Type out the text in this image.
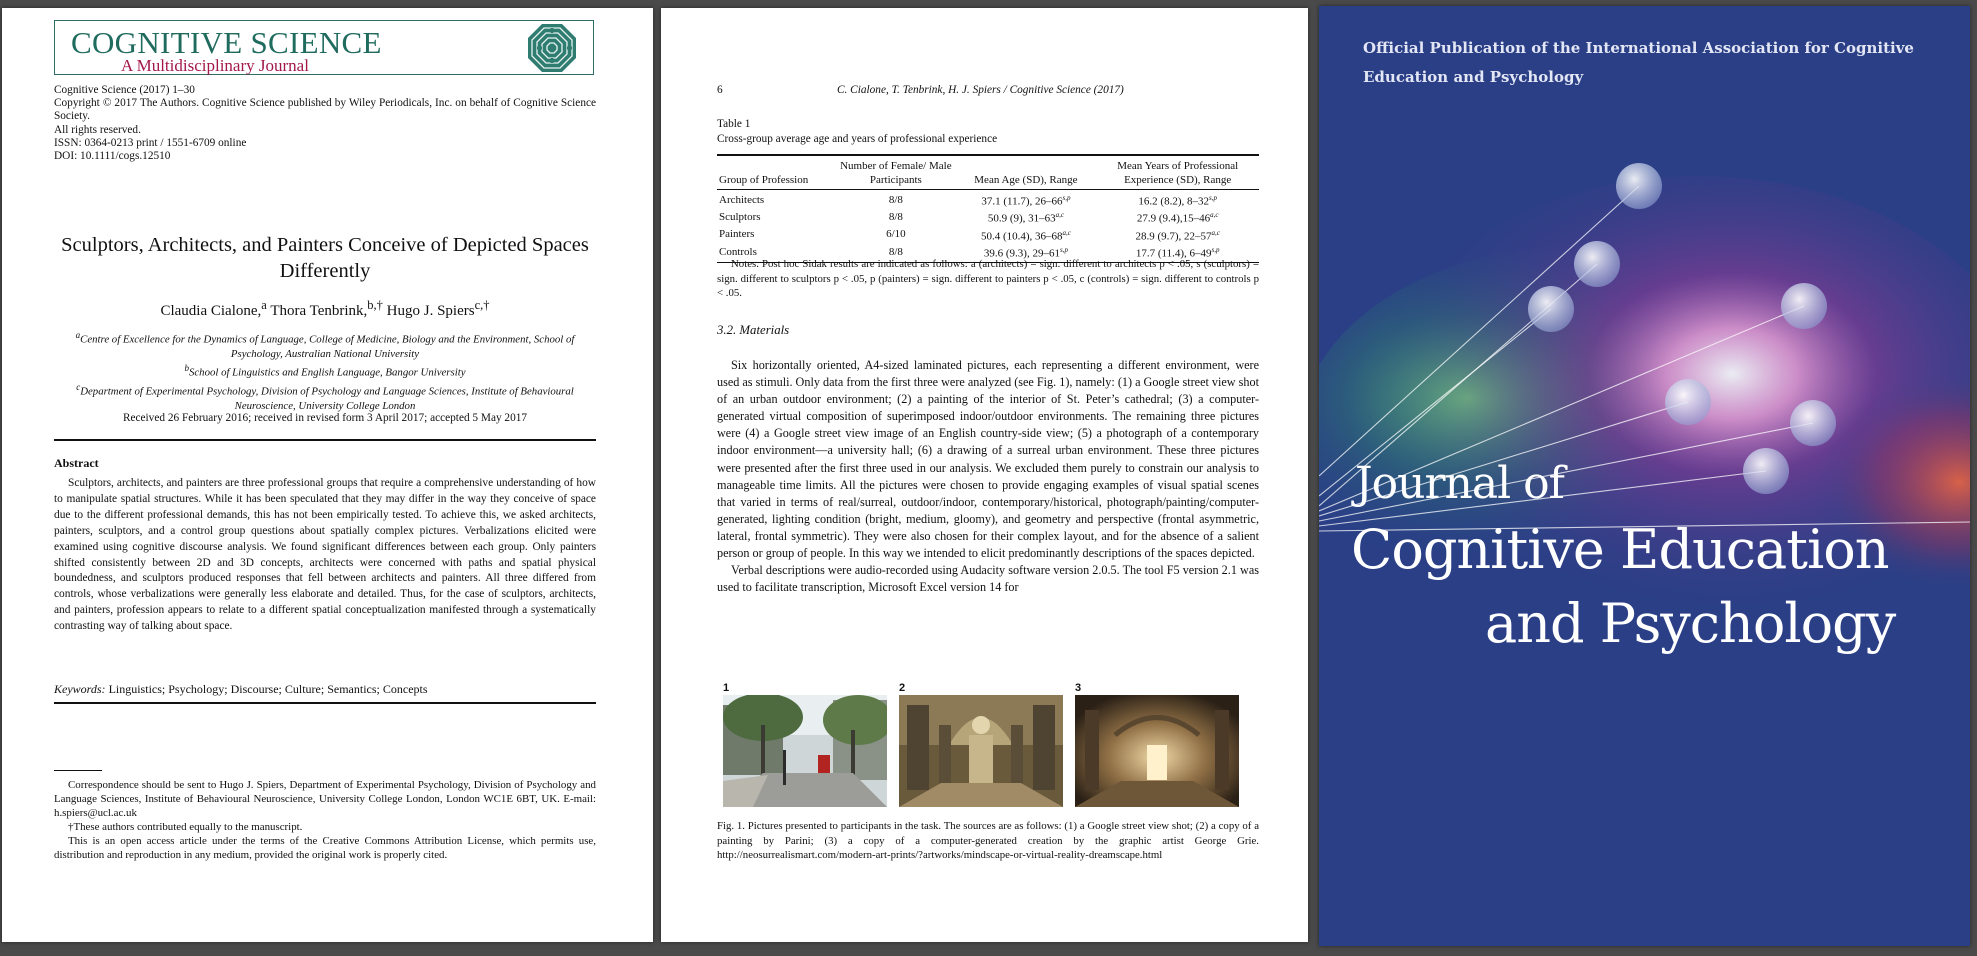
COGNITIVE SCIENCE
A Multidisciplinary Journal
Cognitive Science (2017) 1–30
Copyright © 2017 The Authors. Cognitive Science published by Wiley Periodicals, Inc. on behalf of Cognitive Science Society.
All rights reserved.
ISSN: 0364-0213 print / 1551-6709 online
DOI: 10.1111/cogs.12510
Sculptors, Architects, and Painters Conceive of Depicted Spaces Differently
Claudia Cialone,$^a$ Thora Tenbrink,$^{b,\dagger}$ Hugo J. Spiers$^{c,\dagger}$
$^a$Centre of Excellence for the Dynamics of Language, College of Medicine, Biology and the Environment, School of Psychology, Australian National University
$^b$School of Linguistics and English Language, Bangor University
$^c$Department of Experimental Psychology, Division of Psychology and Language Sciences, Institute of Behavioural Neuroscience, University College London
Received 26 February 2016; received in revised form 3 April 2017; accepted 5 May 2017
Abstract
Sculptors, architects, and painters are three professional groups that require a comprehensive understanding of how to manipulate spatial structures. While it has been speculated that they may differ in the way they conceive of space due to the different professional demands, this has not been empirically tested. To achieve this, we asked architects, painters, sculptors, and a control group questions about spatially complex pictures. Verbalizations elicited were examined using cognitive discourse analysis. We found significant differences between each group. Only painters shifted consistently between 2D and 3D concepts, architects were concerned with paths and spatial physical boundedness, and sculptors produced responses that fell between architects and painters. All three differed from controls, whose verbalizations were generally less elaborate and detailed. Thus, for the case of sculptors, architects, and painters, profession appears to relate to a different spatial conceptualization manifested through a systematically contrasting way of talking about space.
Keywords: Linguistics; Psychology; Discourse; Culture; Semantics; Concepts

Correspondence should be sent to Hugo J. Spiers, Department of Experimental Psychology, Division of Psychology and Language Sciences, Institute of Behavioural Neuroscience, University College London, London WC1E 6BT, UK. E-mail: h.spiers@ucl.ac.uk

†These authors contributed equally to the manuscript.

This is an open access article under the terms of the Creative Commons Attribution License, which permits use, distribution and reproduction in any medium, provided the original work is properly cited.

6	C. Cialone, T. Tenbrink, H. J. Spiers / Cognitive Science (2017)
Table 1
Cross-group average age and years of professional experience
Group of Profession	Number of Female/ Male Participants	Mean Age (SD), Range	Mean Years of Professional Experience (SD), Range
Architects	8/8	37.1 (11.7), 26–66$^{s,p}$	16.2 (8.2), 8–32$^{s,p}$
Sculptors	8/8	50.9 (9), 31–63$^{a,c}$	27.9 (9.4),15–46$^{a,c}$
Painters	6/10	50.4 (10.4), 36–68$^{a,c}$	28.9 (9.7), 22–57$^{a,c}$
Controls	8/8	39.6 (9.3), 29–61$^{s,p}$	17.7 (11.4), 6–49$^{s,p}$
Notes. Post hoc Sidak results are indicated as follows: a (architects) = sign. different to architects p < .05, s (sculptors) = sign. different to sculptors p < .05, p (painters) = sign. different to painters p < .05, c (controls) = sign. different to controls p < .05.
3.2. Materials

Six horizontally oriented, A4-sized laminated pictures, each representing a different environment, were used as stimuli. Only data from the first three were analyzed (see Fig. 1), namely: (1) a Google street view shot of an urban outdoor environment; (2) a painting of the interior of St. Peter’s cathedral; (3) a computer-generated virtual composition of superimposed indoor/outdoor environments. The remaining three pictures were (4) a Google street view image of an English country-side view; (5) a photograph of a contemporary indoor environment—a university hall; (6) a drawing of a surreal urban environment. These three pictures were presented after the first three used in our analysis. We excluded them purely to constrain our analysis to manageable time limits. All the pictures were chosen to provide engaging examples of visual spatial scenes that varied in terms of real/surreal, outdoor/indoor, contemporary/historical, photograph/painting/computer-generated, lighting condition (bright, medium, gloomy), and geometry and perspective (frontal asymmetric, lateral, frontal symmetric). They were also chosen for their complex layout, and for the absence of a salient person or group of people. In this way we intended to elicit predominantly descriptions of the spaces depicted.

Verbal descriptions were audio-recorded using Audacity software version 2.0.5. The tool F5 version 2.1 was used to facilitate transcription, Microsoft Excel version 14 for

1	2	3
Fig. 1. Pictures presented to participants in the task. The sources are as follows: (1) a Google street view shot; (2) a copy of a painting by Parini; (3) a copy of a computer-generated creation by the graphic artist George Grie. http://neosurrealismart.com/modern-art-prints/?artworks/mindscape-or-virtual-reality-dreamscape.html
Official Publication of the International Association for Cognitive Education and Psychology
Journal of
Cognitive Education
and Psychology
